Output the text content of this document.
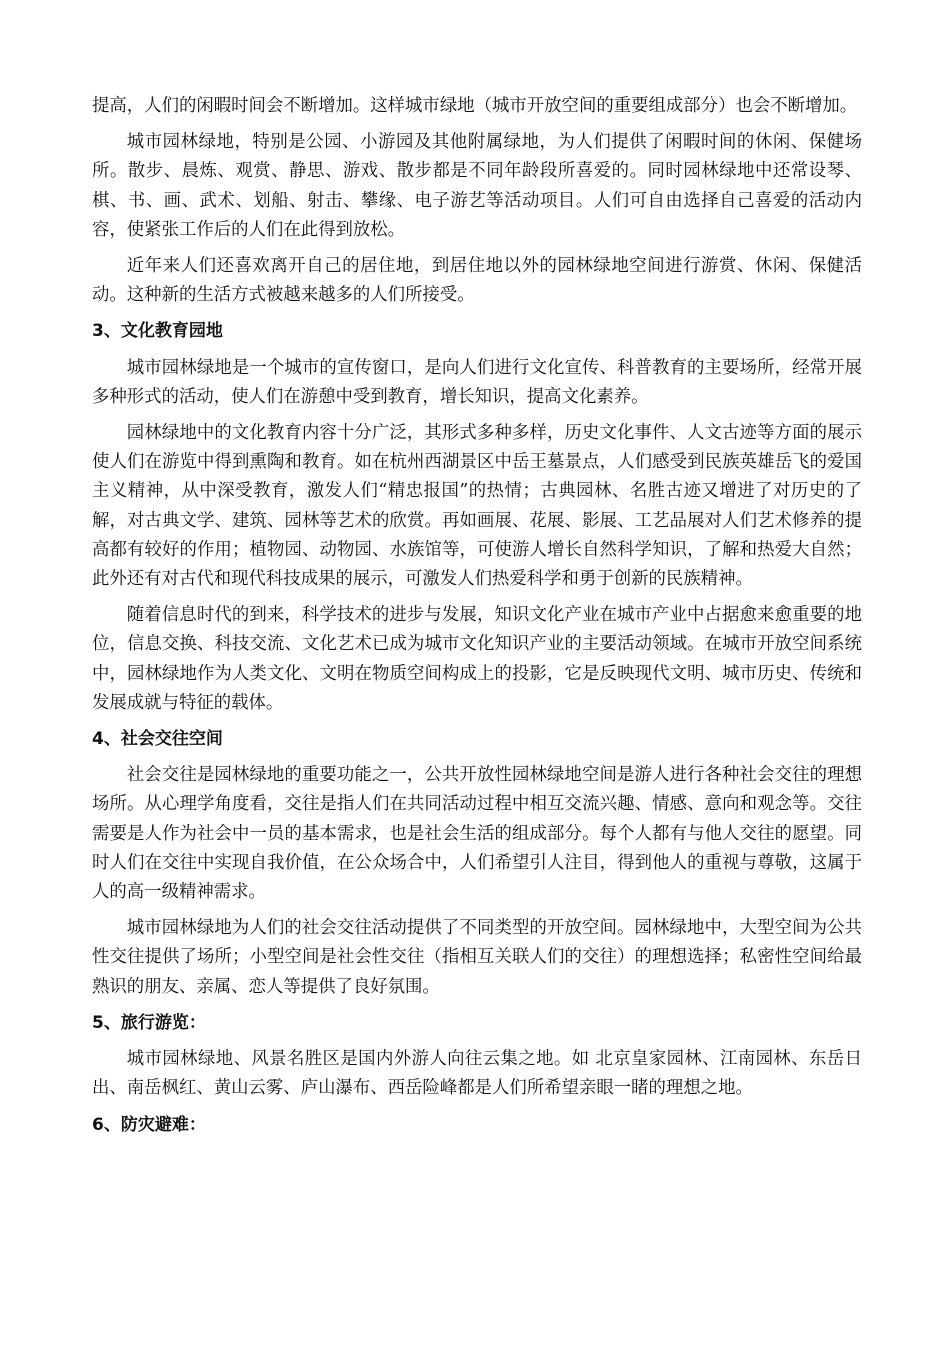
提高，人们的闲暇时间会不断增加。这样城市绿地（城市开放空间的重要组成部分）也会不断增加。

城市园林绿地，特别是公园、小游园及其他附属绿地，为人们提供了闲暇时间的休闲、保健场所。散步、晨炼、观赏、静思、游戏、散步都是不同年龄段所喜爱的。同时园林绿地中还常设琴、棋、书、画、武术、划船、射击、攀缘、电子游艺等活动项目。人们可自由选择自己喜爱的活动内容，使紧张工作后的人们在此得到放松。

近年来人们还喜欢离开自己的居住地，到居住地以外的园林绿地空间进行游赏、休闲、保健活动。这种新的生活方式被越来越多的人们所接受。

3、文化教育园地

城市园林绿地是一个城市的宣传窗口，是向人们进行文化宣传、科普教育的主要场所，经常开展多种形式的活动，使人们在游憩中受到教育，增长知识，提高文化素养。

园林绿地中的文化教育内容十分广泛，其形式多种多样，历史文化事件、人文古迹等方面的展示使人们在游览中得到熏陶和教育。如在杭州西湖景区中岳王墓景点，人们感受到民族英雄岳飞的爱国主义精神，从中深受教育，激发人们“精忠报国”的热情；古典园林、名胜古迹又增进了对历史的了解，对古典文学、建筑、园林等艺术的欣赏。再如画展、花展、影展、工艺品展对人们艺术修养的提高都有较好的作用；植物园、动物园、水族馆等，可使游人增长自然科学知识，了解和热爱大自然；此外还有对古代和现代科技成果的展示，可激发人们热爱科学和勇于创新的民族精神。

随着信息时代的到来，科学技术的进步与发展，知识文化产业在城市产业中占据愈来愈重要的地位，信息交换、科技交流、文化艺术已成为城市文化知识产业的主要活动领域。在城市开放空间系统中，园林绿地作为人类文化、文明在物质空间构成上的投影，它是反映现代文明、城市历史、传统和发展成就与特征的载体。

4、社会交往空间

社会交往是园林绿地的重要功能之一，公共开放性园林绿地空间是游人进行各种社会交往的理想场所。从心理学角度看，交往是指人们在共同活动过程中相互交流兴趣、情感、意向和观念等。交往需要是人作为社会中一员的基本需求，也是社会生活的组成部分。每个人都有与他人交往的愿望。同时人们在交往中实现自我价值，在公众场合中，人们希望引人注目，得到他人的重视与尊敬，这属于人的高一级精神需求。

城市园林绿地为人们的社会交往活动提供了不同类型的开放空间。园林绿地中，大型空间为公共性交往提供了场所；小型空间是社会性交往（指相互关联人们的交往）的理想选择；私密性空间给最熟识的朋友、亲属、恋人等提供了良好氛围。

5、旅行游览：

城市园林绿地、风景名胜区是国内外游人向往云集之地。如 北京皇家园林、江南园林、东岳日出、南岳枫红、黄山云雾、庐山瀑布、西岳险峰都是人们所希望亲眼一睹的理想之地。

6、防灾避难：
